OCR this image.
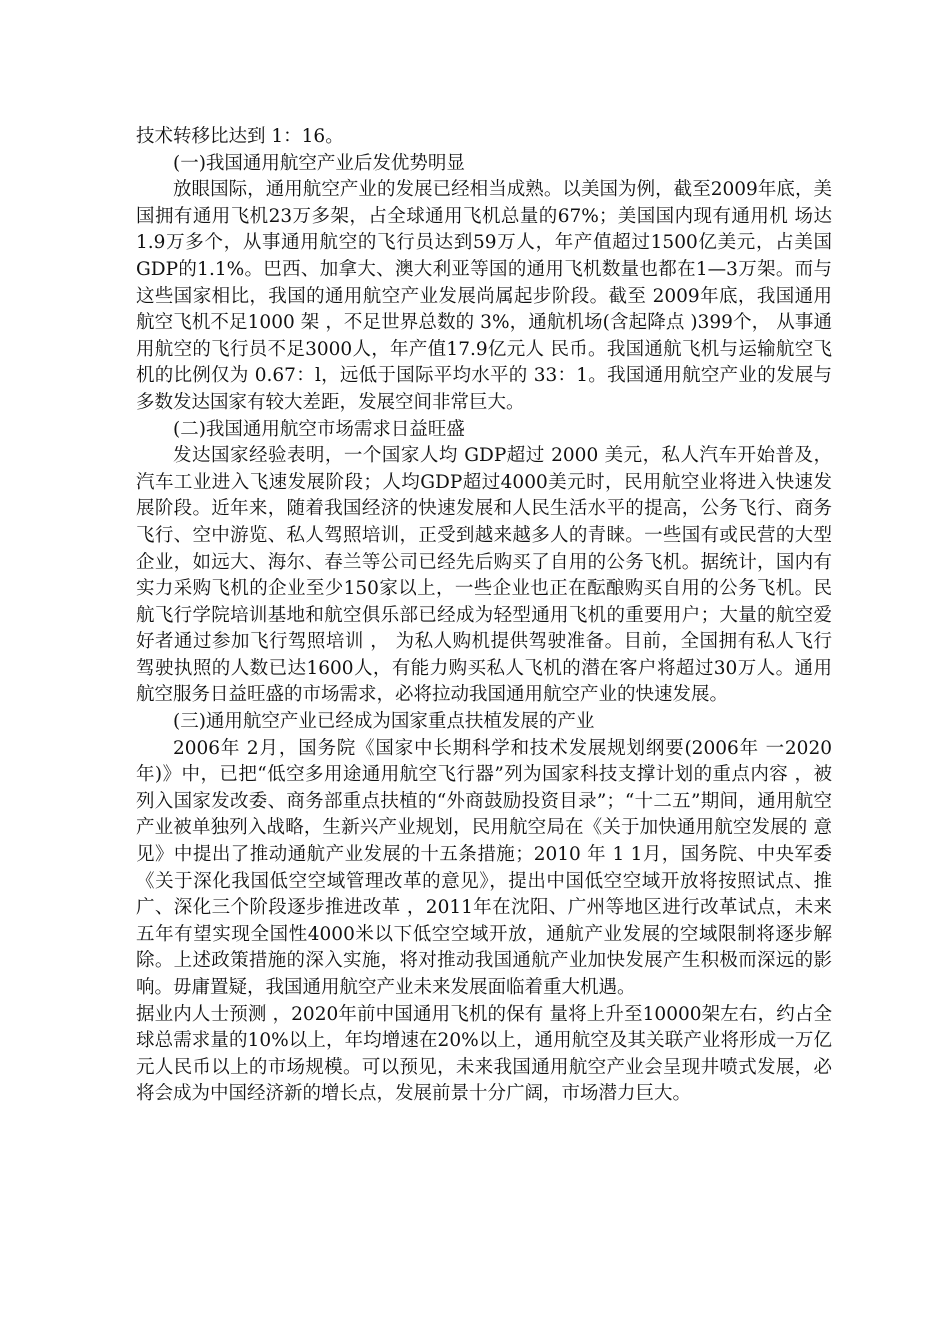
技术转移比达到 1：16。

(一)我国通用航空产业后发优势明显

放眼国际，通用航空产业的发展已经相当成熟。以美国为例，截至2009年底，美国拥有通用飞机23万多架，占全球通用飞机总量的67%；美国国内现有通用机 场达 1.9万多个，从事通用航空的飞行员达到59万人，年产值超过1500亿美元，占美国GDP的1.1%。巴西、加拿大、澳大利亚等国的通用飞机数量也都在1—3万架。而与这些国家相比，我国的通用航空产业发展尚属起步阶段。截至 2009年底，我国通用航空飞机不足1000 架 ，不足世界总数的 3%，通航机场(含起降点 )399个， 从事通用航空的飞行员不足3000人，年产值17.9亿元人 民币。我国通航飞机与运输航空飞机的比例仅为 0.67：l，远低于国际平均水平的 33：1。我国通用航空产业的发展与多数发达国家有较大差距，发展空间非常巨大。

(二)我国通用航空市场需求日益旺盛

发达国家经验表明，一个国家人均 GDP超过 2000 美元，私人汽车开始普及，汽车工业进入飞速发展阶段；人均GDP超过4000美元时，民用航空业将进入快速发展阶段。近年来，随着我国经济的快速发展和人民生活水平的提高，公务飞行、商务飞行、空中游览、私人驾照培训，正受到越来越多人的青睐。一些国有或民营的大型企业，如远大、海尔、春兰等公司已经先后购买了自用的公务飞机。据统计，国内有实力采购飞机的企业至少150家以上，一些企业也正在酝酿购买自用的公务飞机。民航飞行学院培训基地和航空俱乐部已经成为轻型通用飞机的重要用户；大量的航空爱好者通过参加飞行驾照培训 ， 为私人购机提供驾驶准备。目前，全国拥有私人飞行驾驶执照的人数已达1600人，有能力购买私人飞机的潜在客户将超过30万人。通用航空服务日益旺盛的市场需求，必将拉动我国通用航空产业的快速发展。

(三)通用航空产业已经成为国家重点扶植发展的产业

2006年 2月，国务院《国家中长期科学和技术发展规划纲要(2006年 一2020年)》中，已把“低空多用途通用航空飞行器”列为国家科技支撑计划的重点内容 ，被列入国家发改委、商务部重点扶植的“外商鼓励投资目录”；“十二五”期间，通用航空产业被单独列入战略，生新兴产业规划，民用航空局在《关于加快通用航空发展的 意见》中提出了推动通航产业发展的十五条措施；2010 年 1 1月，国务院、中央军委《关于深化我国低空空域管理改革的意见》，提出中国低空空域开放将按照试点、推广、深化三个阶段逐步推进改革 ，2011年在沈阳、广州等地区进行改革试点，未来五年有望实现全国性4000米以下低空空域开放，通航产业发展的空域限制将逐步解除。上述政策措施的深入实施，将对推动我国通航产业加快发展产生积极而深远的影响。毋庸置疑，我国通用航空产业未来发展面临着重大机遇。

据业内人士预测 ，2020年前中国通用飞机的保有 量将上升至10000架左右，约占全球总需求量的10%以上，年均增速在20%以上，通用航空及其关联产业将形成一万亿元人民币以上的市场规模。可以预见，未来我国通用航空产业会呈现井喷式发展，必将会成为中国经济新的增长点，发展前景十分广阔，市场潜力巨大。
